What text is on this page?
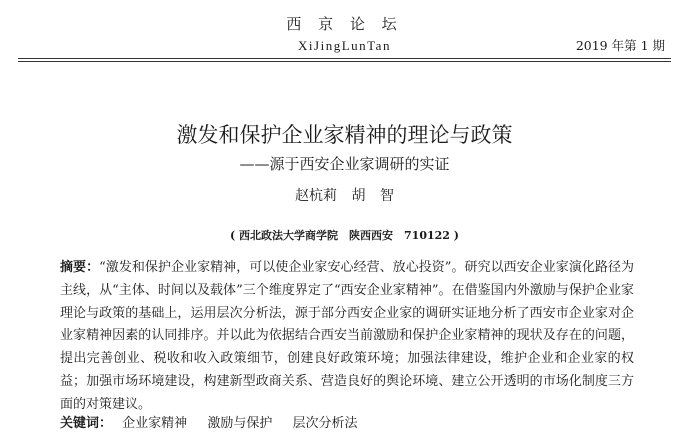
西 京 论 坛
XiJingLunTan	2019 年第 1 期
激发和保护企业家精神的理论与政策
——源于西安企业家调研的实证
赵杭莉 胡 智
( 西北政法大学商学院　陕西西安　710122 )

摘要：“激发和保护企业家精神，可以使企业家安心经营、放心投资”。研究以西安企业家演化路径为主线，从“主体、时间以及载体”三个维度界定了“西安企业家精神”。在借鉴国内外激励与保护企业家理论与政策的基础上，运用层次分析法，源于部分西安企业家的调研实证地分析了西安市企业家对企业家精神因素的认同排序。并以此为依据结合西安当前激励和保护企业家精神的现状及存在的问题，提出完善创业、税收和收入政策细节，创建良好政策环境；加强法律建设，维护企业和企业家的权益；加强市场环境建设，构建新型政商关系、营造良好的舆论环境、建立公开透明的市场化制度三方面的对策建议。

关键词： 企业家精神 激励与保护 层次分析法
